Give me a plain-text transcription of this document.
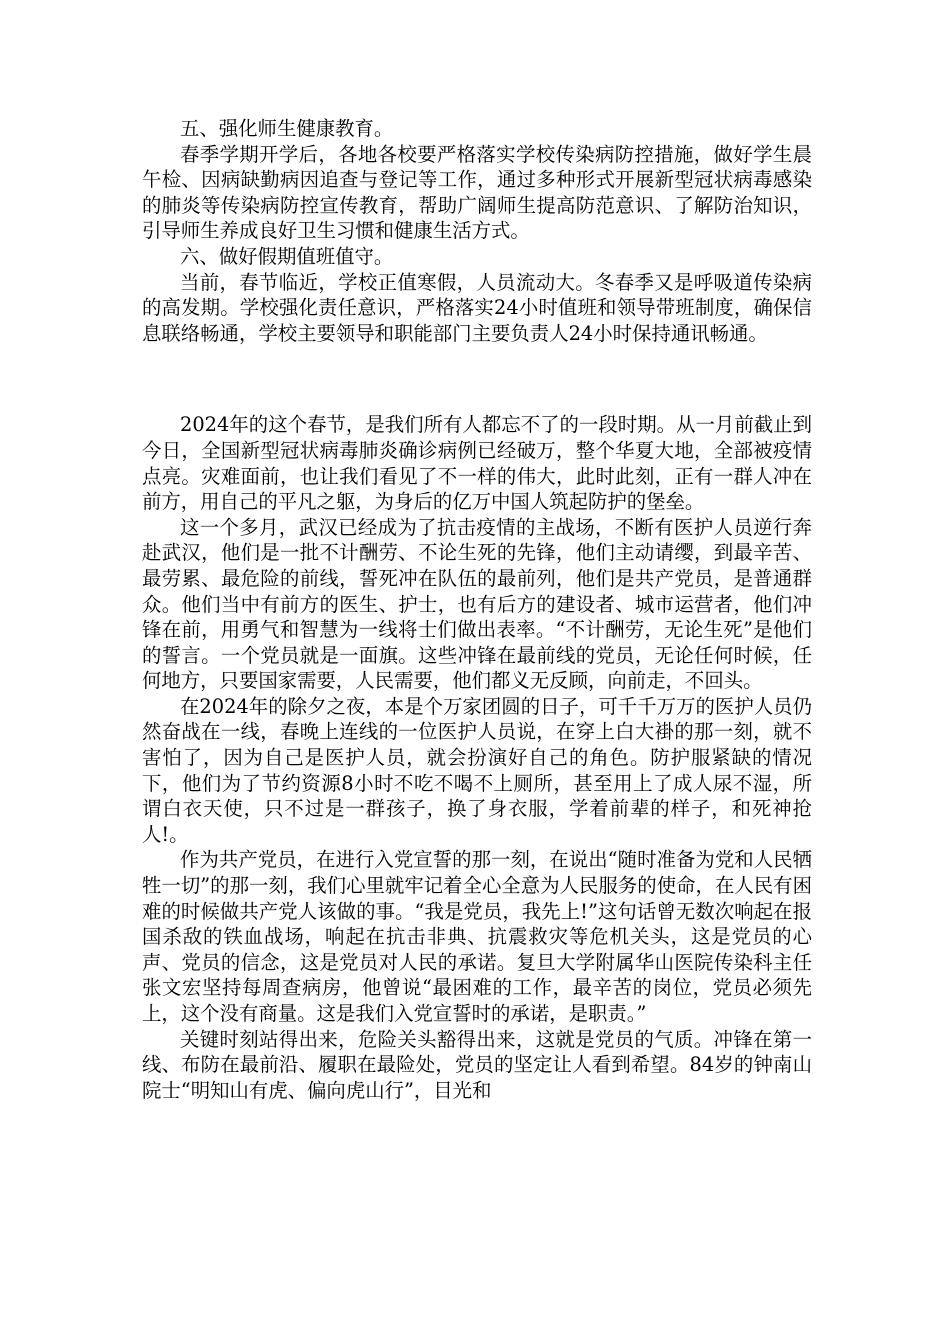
五、强化师生健康教育。

春季学期开学后，各地各校要严格落实学校传染病防控措施，做好学生晨午检、因病缺勤病因追查与登记等工作，通过多种形式开展新型冠状病毒感染的肺炎等传染病防控宣传教育，帮助广阔师生提高防范意识、了解防治知识，引导师生养成良好卫生习惯和健康生活方式。

六、做好假期值班值守。

当前，春节临近，学校正值寒假，人员流动大。冬春季又是呼吸道传染病的高发期。学校强化责任意识，严格落实24小时值班和领导带班制度，确保信息联络畅通，学校主要领导和职能部门主要负责人24小时保持通讯畅通。

2024年的这个春节，是我们所有人都忘不了的一段时期。从一月前截止到今日，全国新型冠状病毒肺炎确诊病例已经破万，整个华夏大地，全部被疫情点亮。灾难面前，也让我们看见了不一样的伟大，此时此刻，正有一群人冲在前方，用自己的平凡之躯，为身后的亿万中国人筑起防护的堡垒。

这一个多月，武汉已经成为了抗击疫情的主战场，不断有医护人员逆行奔赴武汉，他们是一批不计酬劳、不论生死的先锋，他们主动请缨，到最辛苦、最劳累、最危险的前线，誓死冲在队伍的最前列，他们是共产党员，是普通群众。他们当中有前方的医生、护士，也有后方的建设者、城市运营者，他们冲锋在前，用勇气和智慧为一线将士们做出表率。“不计酬劳，无论生死”是他们的誓言。一个党员就是一面旗。这些冲锋在最前线的党员，无论任何时候，任何地方，只要国家需要，人民需要，他们都义无反顾，向前走，不回头。

在2024年的除夕之夜，本是个万家团圆的日子，可千千万万的医护人员仍然奋战在一线，春晚上连线的一位医护人员说，在穿上白大褂的那一刻，就不害怕了，因为自己是医护人员，就会扮演好自己的角色。防护服紧缺的情况下，他们为了节约资源8小时不吃不喝不上厕所，甚至用上了成人尿不湿，所谓白衣天使，只不过是一群孩子，换了身衣服，学着前辈的样子，和死神抢人!。

作为共产党员，在进行入党宣誓的那一刻，在说出“随时准备为党和人民牺牲一切”的那一刻，我们心里就牢记着全心全意为人民服务的使命，在人民有困难的时候做共产党人该做的事。“我是党员，我先上!”这句话曾无数次响起在报国杀敌的铁血战场，响起在抗击非典、抗震救灾等危机关头，这是党员的心声、党员的信念，这是党员对人民的承诺。复旦大学附属华山医院传染科主任张文宏坚持每周查病房，他曾说“最困难的工作，最辛苦的岗位，党员必须先上，这个没有商量。这是我们入党宣誓时的承诺，是职责。”

关键时刻站得出来，危险关头豁得出来，这就是党员的气质。冲锋在第一线、布防在最前沿、履职在最险处，党员的坚定让人看到希望。84岁的钟南山院士“明知山有虎、偏向虎山行”，目光和
